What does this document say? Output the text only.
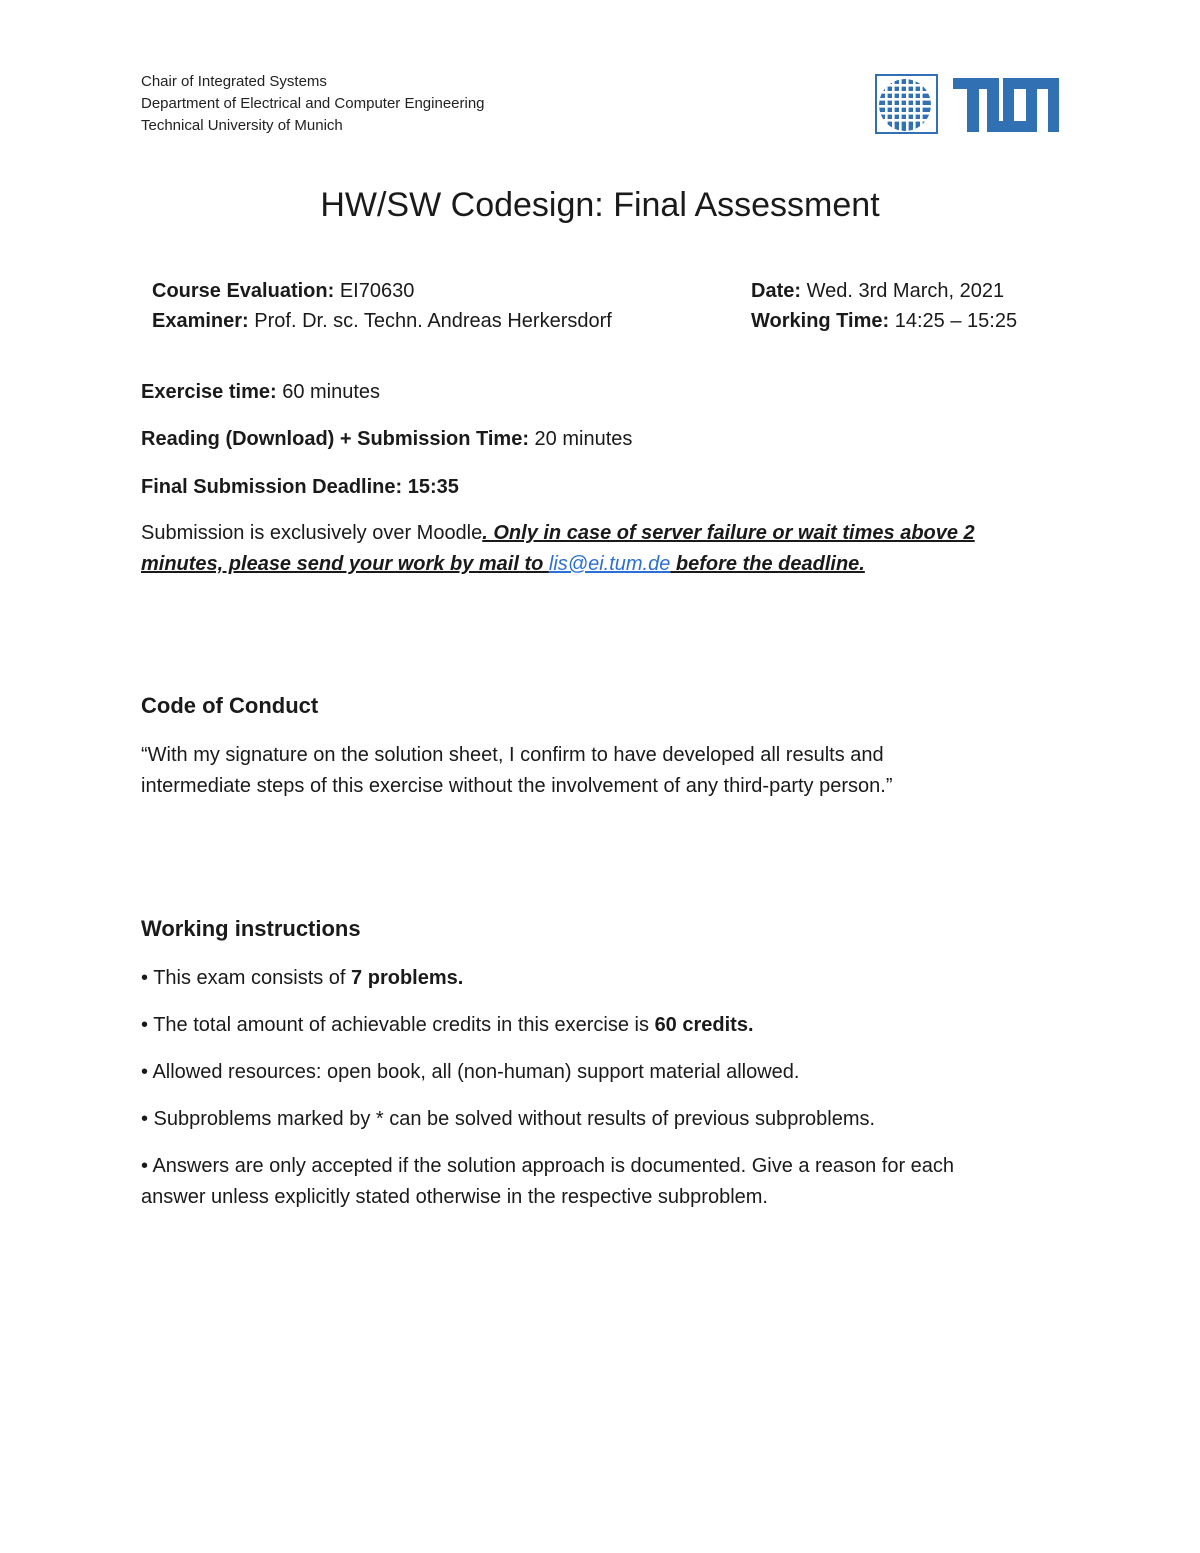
Chair of Integrated Systems
Department of Electrical and Computer Engineering
Technical University of Munich
HW/SW Codesign: Final Assessment
Course Evaluation: EI70630
Examiner: Prof. Dr. sc. Techn. Andreas Herkersdorf
Date: Wed. 3rd March, 2021
Working Time: 14:25 – 15:25
Exercise time: 60 minutes
Reading (Download) + Submission Time: 20 minutes
Final Submission Deadline: 15:35
Submission is exclusively over Moodle. Only in case of server failure or wait times above 2
minutes, please send your work by mail to lis@ei.tum.de before the deadline.
Code of Conduct
“With my signature on the solution sheet, I confirm to have developed all results and
intermediate steps of this exercise without the involvement of any third-party person.”
Working instructions
• This exam consists of 7 problems.
• The total amount of achievable credits in this exercise is 60 credits.
• Allowed resources: open book, all (non-human) support material allowed.
• Subproblems marked by * can be solved without results of previous subproblems.
• Answers are only accepted if the solution approach is documented. Give a reason for each
answer unless explicitly stated otherwise in the respective subproblem.
